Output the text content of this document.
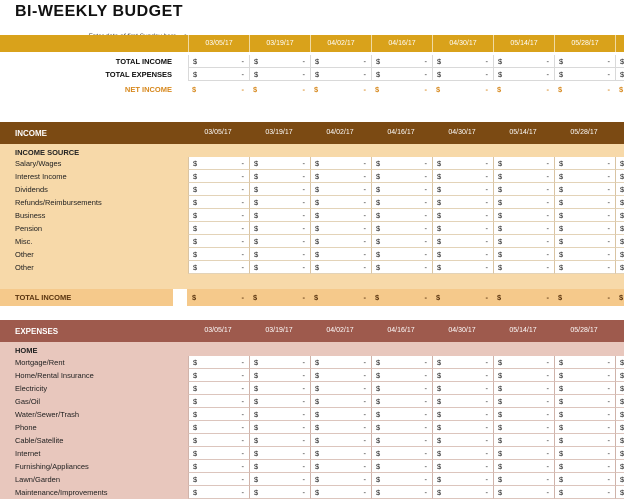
BI-WEEKLY BUDGET
03/05/17	03/19/17	04/02/17	04/16/17	04/30/17	05/14/17	05/28/17
TOTAL INCOME	$	- $	- $	- $	- $	- $	- $	- $
TOTAL EXPENSES	$	- $	- $	- $	- $	- $	- $	- $
NET INCOME	$	- $	- $	- $	- $	- $	- $	- $
INCOME	03/05/17	03/19/17	04/02/17	04/16/17	04/30/17	05/14/17	05/28/17
INCOME SOURCE
Salary/Wages	$	- $	- $	- $	- $	- $	- $	- $
Interest Income	$	- $	- $	- $	- $	- $	- $	- $
Dividends	$	- $	- $	- $	- $	- $	- $	- $
Refunds/Reimbursements	$	- $	- $	- $	- $	- $	- $	- $
Business	$	- $	- $	- $	- $	- $	- $	- $
Pension	$	- $	- $	- $	- $	- $	- $	- $
Misc.	$	- $	- $	- $	- $	- $	- $	- $
Other	$	- $	- $	- $	- $	- $	- $	- $
Other	$	- $	- $	- $	- $	- $	- $	- $
TOTAL INCOME	$	- $	- $	- $	- $	- $	- $	- $
EXPENSES	03/05/17	03/19/17	04/02/17	04/16/17	04/30/17	05/14/17	05/28/17
HOME
Mortgage/Rent	$	- $	- $	- $	- $	- $	- $	- $
Home/Rental Insurance	$	- $	- $	- $	- $	- $	- $	- $
Electricity	$	- $	- $	- $	- $	- $	- $	- $
Gas/Oil	$	- $	- $	- $	- $	- $	- $	- $
Water/Sewer/Trash	$	- $	- $	- $	- $	- $	- $	- $
Phone	$	- $	- $	- $	- $	- $	- $	- $
Cable/Satellite	$	- $	- $	- $	- $	- $	- $	- $
Internet	$	- $	- $	- $	- $	- $	- $	- $
Furnishing/Appliances	$	- $	- $	- $	- $	- $	- $	- $
Lawn/Garden	$	- $	- $	- $	- $	- $	- $	- $
Maintenance/Improvements	$	- $	- $	- $	- $	- $	- $	- $
